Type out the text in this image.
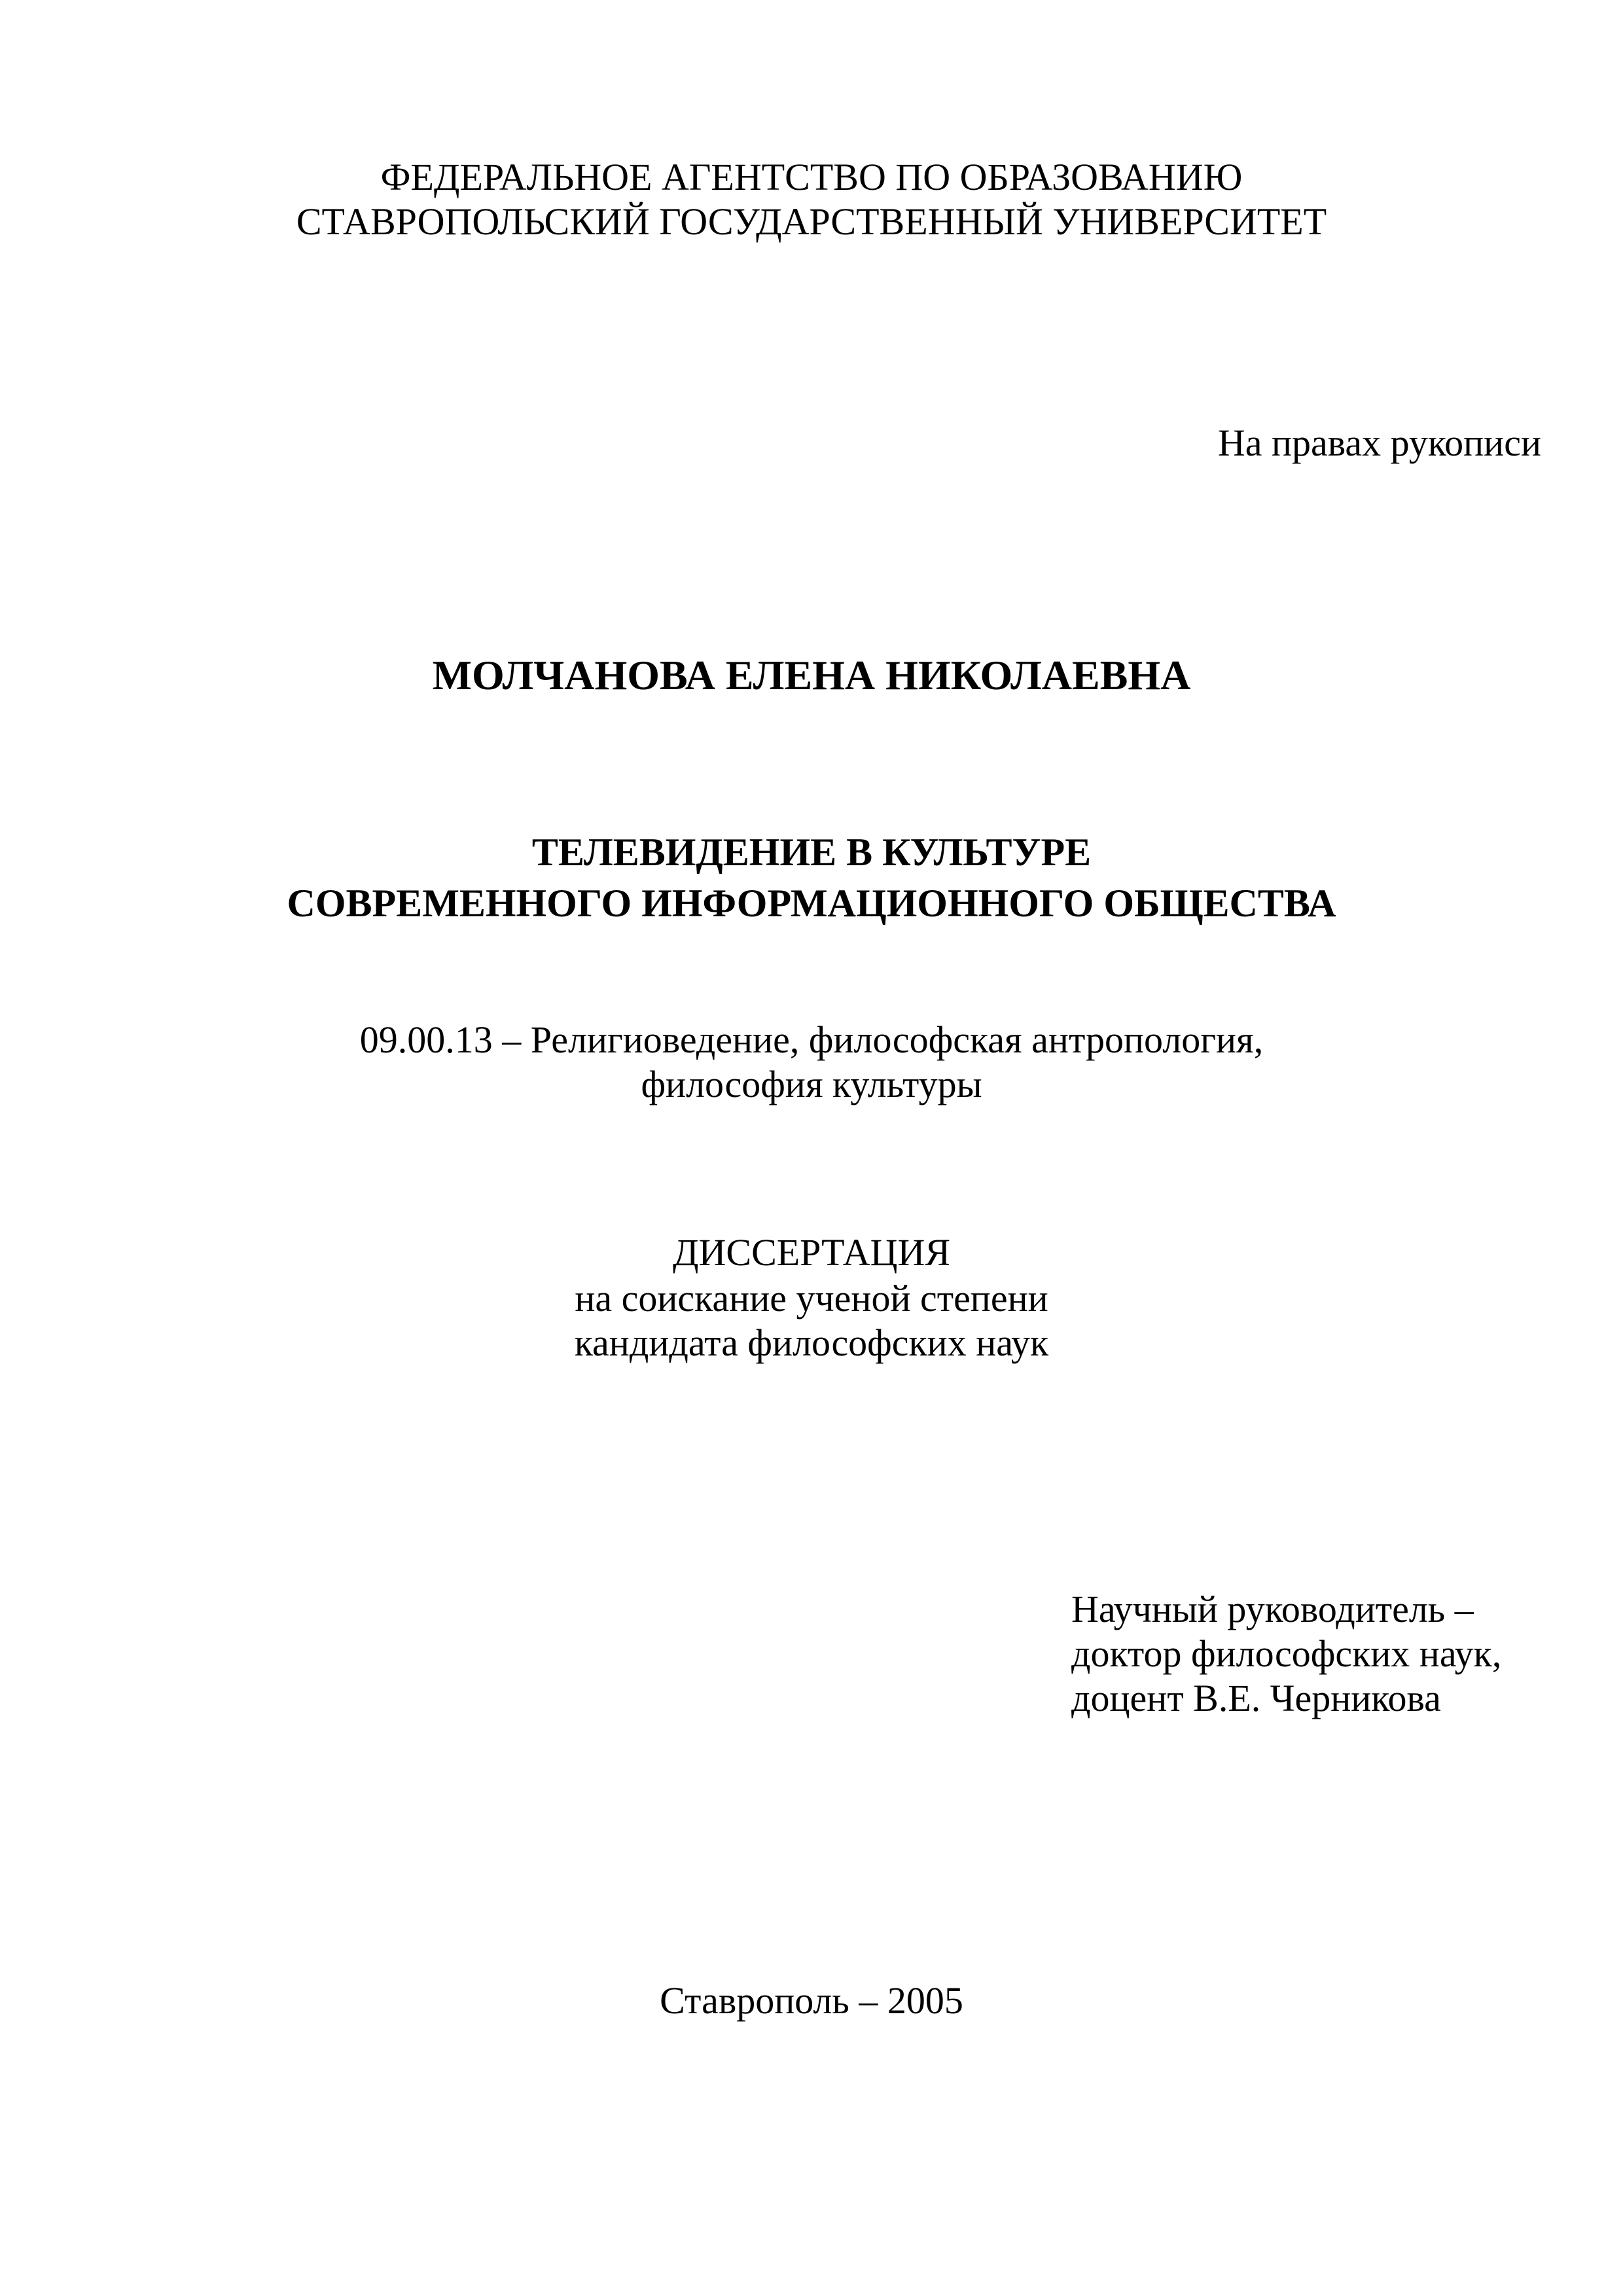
ФЕДЕРАЛЬНОЕ АГЕНТСТВО ПО ОБРАЗОВАНИЮ
СТАВРОПОЛЬСКИЙ ГОСУДАРСТВЕННЫЙ УНИВЕРСИТЕТ
На правах рукописи
МОЛЧАНОВА ЕЛЕНА НИКОЛАЕВНА
ТЕЛЕВИДЕНИЕ В КУЛЬТУРЕ
СОВРЕМЕННОГО ИНФОРМАЦИОННОГО ОБЩЕСТВА
09.00.13 – Религиоведение, философская антропология,
философия культуры
ДИССЕРТАЦИЯ
на соискание ученой степени
кандидата философских наук
Научный руководитель –
доктор философских наук,
доцент В.Е. Черникова
Ставрополь – 2005
